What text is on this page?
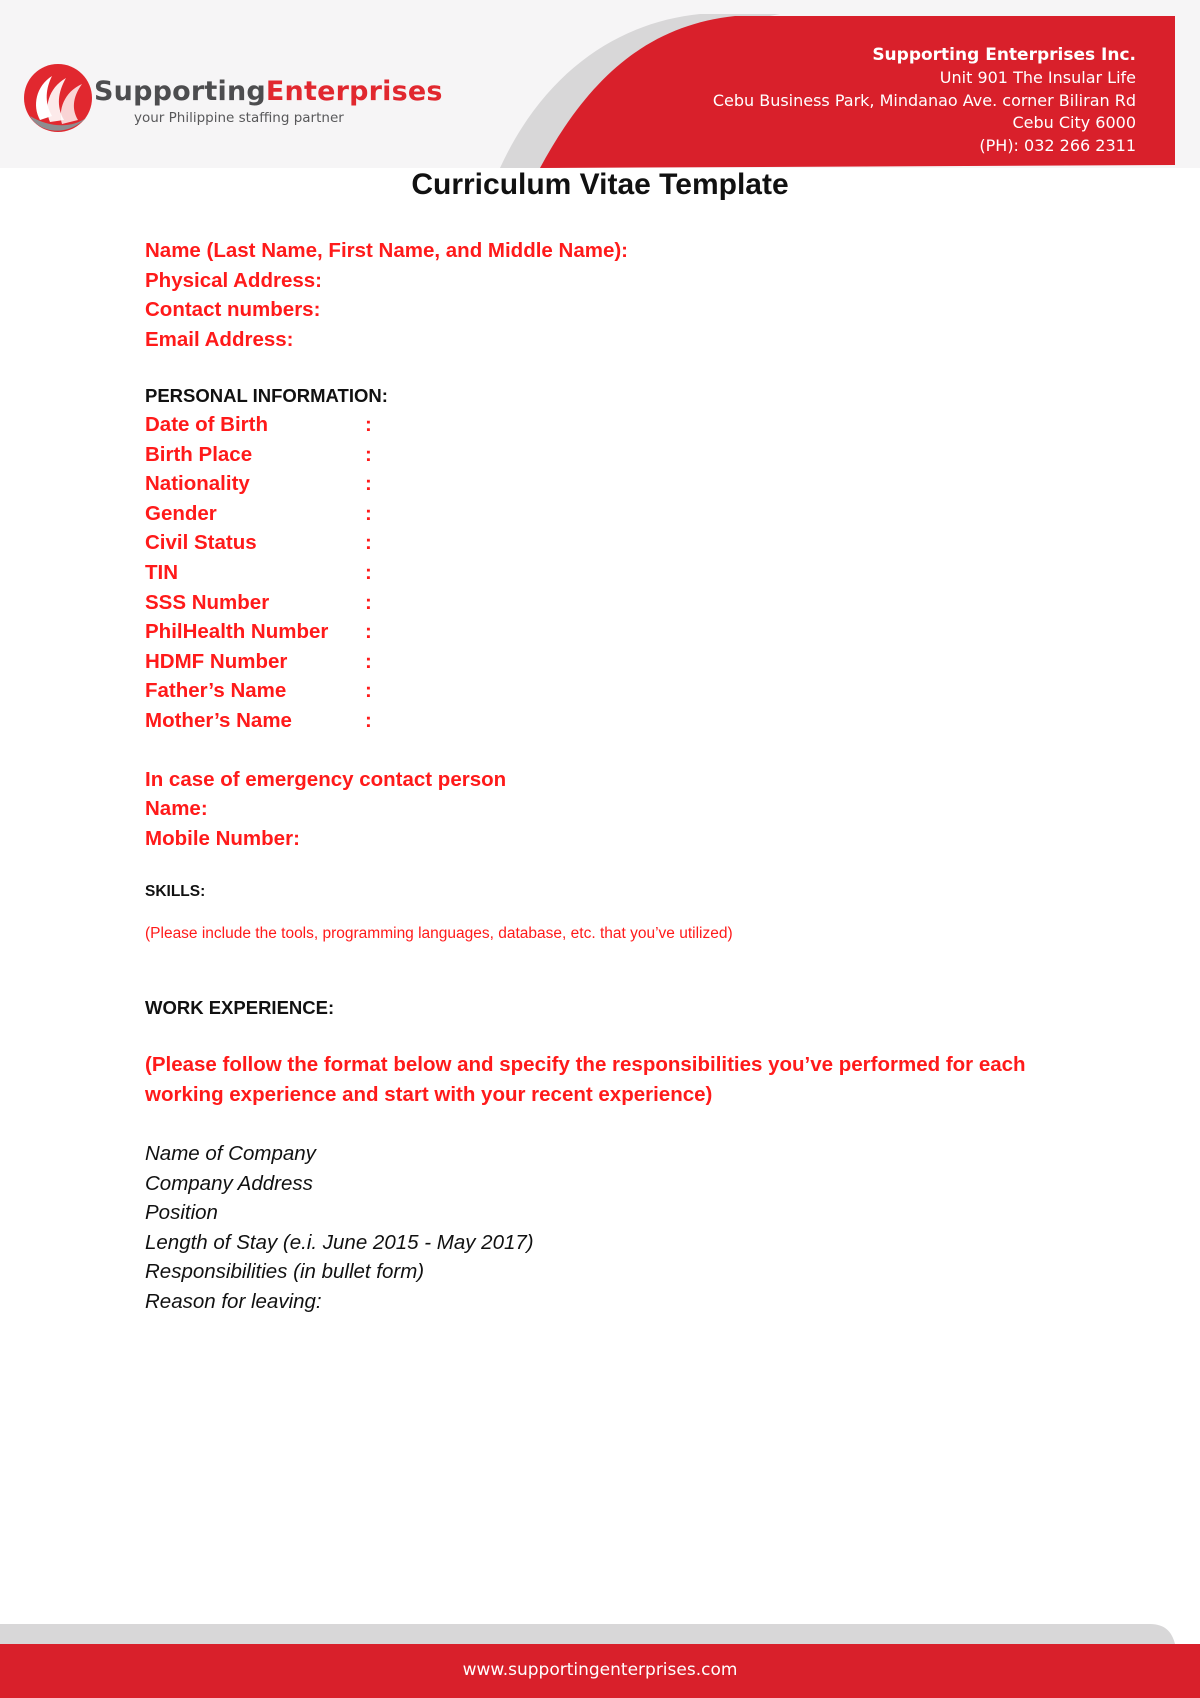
SupportingEnterprises
your Philippine staffing partner
Supporting Enterprises Inc.
Unit 901 The Insular Life
Cebu Business Park, Mindanao Ave. corner Biliran Rd
Cebu City 6000
(PH): 032 266 2311
Curriculum Vitae Template
Name (Last Name, First Name, and Middle Name):
Physical Address:
Contact numbers:
Email Address:
PERSONAL INFORMATION:
Date of Birth	:
Birth Place	:
Nationality	:
Gender	:
Civil Status	:
TIN	:
SSS Number	:
PhilHealth Number	:
HDMF Number	:
Father’s Name	:
Mother’s Name	:
In case of emergency contact person
Name:
Mobile Number:
SKILLS:
(Please include the tools, programming languages, database, etc. that you’ve utilized)
WORK EXPERIENCE:
(Please follow the format below and specify the responsibilities you’ve performed for each working experience and start with your recent experience)
Name of Company
Company Address
Position
Length of Stay (e.i. June 2015 - May 2017)
Responsibilities (in bullet form)
Reason for leaving:
www.supportingenterprises.com
